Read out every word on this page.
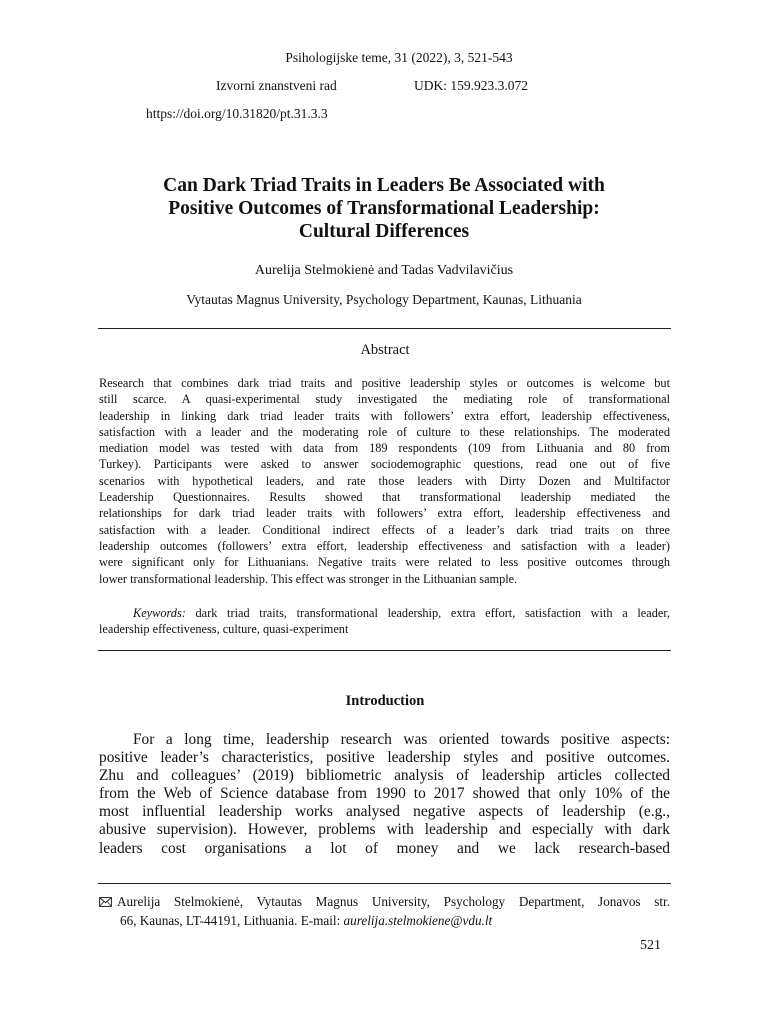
Psihologijske teme, 31 (2022), 3, 521-543
Izvorni znanstveni rad	UDK: 159.923.3.072
https://doi.org/10.31820/pt.31.3.3
Can Dark Triad Traits in Leaders Be Associated with
Positive Outcomes of Transformational Leadership:
Cultural Differences
Aurelija Stelmokienė and Tadas Vadvilavičius
Vytautas Magnus University, Psychology Department, Kaunas, Lithuania
Abstract
Research that combines dark triad traits and positive leadership styles or outcomes is welcome but
still scarce. A quasi-experimental study investigated the mediating role of transformational
leadership in linking dark triad leader traits with followers’ extra effort, leadership effectiveness,
satisfaction with a leader and the moderating role of culture to these relationships. The moderated
mediation model was tested with data from 189 respondents (109 from Lithuania and 80 from
Turkey). Participants were asked to answer sociodemographic questions, read one out of five
scenarios with hypothetical leaders, and rate those leaders with Dirty Dozen and Multifactor
Leadership Questionnaires. Results showed that transformational leadership mediated the
relationships for dark triad leader traits with followers’ extra effort, leadership effectiveness and
satisfaction with a leader. Conditional indirect effects of a leader’s dark triad traits on three
leadership outcomes (followers’ extra effort, leadership effectiveness and satisfaction with a leader)
were significant only for Lithuanians. Negative traits were related to less positive outcomes through
lower transformational leadership. This effect was stronger in the Lithuanian sample.
Keywords: dark triad traits, transformational leadership, extra effort, satisfaction with a leader,
leadership effectiveness, culture, quasi-experiment
Introduction
For a long time, leadership research was oriented towards positive aspects:
positive leader’s characteristics, positive leadership styles and positive outcomes.
Zhu and colleagues’ (2019) bibliometric analysis of leadership articles collected
from the Web of Science database from 1990 to 2017 showed that only 10% of the
most influential leadership works analysed negative aspects of leadership (e.g.,
abusive supervision). However, problems with leadership and especially with dark
leaders cost organisations a lot of money and we lack research-based
Aurelija Stelmokienė, Vytautas Magnus University, Psychology Department, Jonavos str.
66, Kaunas, LT-44191, Lithuania. E-mail: aurelija.stelmokiene@vdu.lt
521
